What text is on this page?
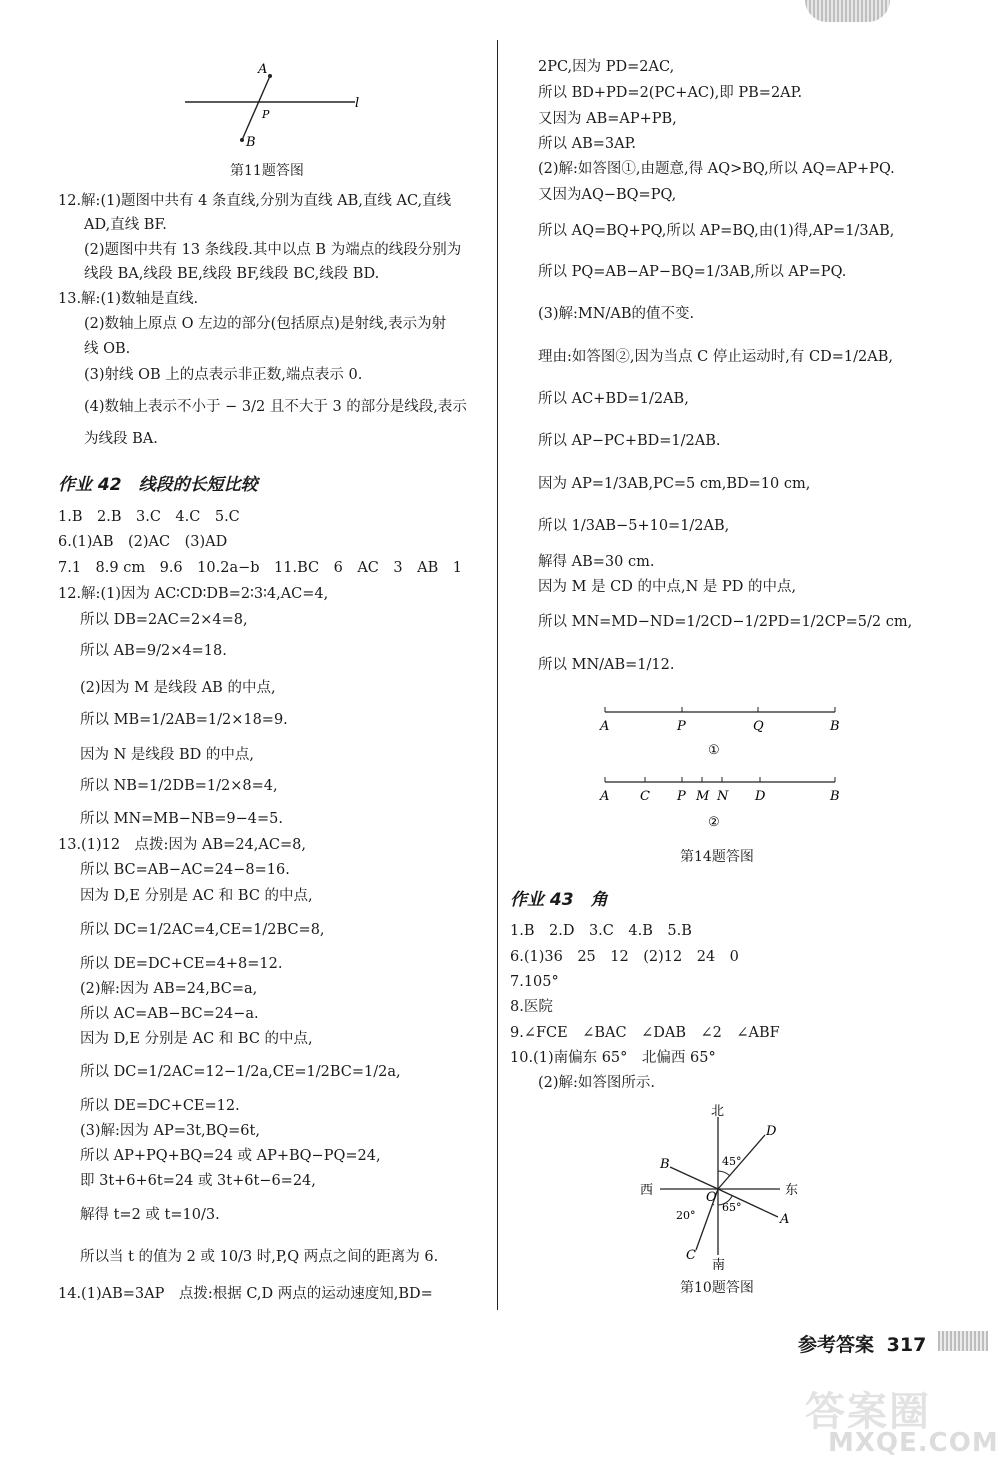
A
P
B
l
第11题答图
12.解:(1)题图中共有 4 条直线,分别为直线 AB,直线 AC,直线
AD,直线 BF.
(2)题图中共有 13 条线段.其中以点 B 为端点的线段分别为
线段 BA,线段 BE,线段 BF,线段 BC,线段 BD.
13.解:(1)数轴是直线.
(2)数轴上原点 O 左边的部分(包括原点)是射线,表示为射
线 OB.
(3)射线 OB 上的点表示非正数,端点表示 0.
(4)数轴上表示不小于 − 3/2 且不大于 3 的部分是线段,表示
为线段 BA.
作业 42　线段的长短比较
1.B　2.B　3.C　4.C　5.C
6.(1)AB　(2)AC　(3)AD
7.1　8.9 cm　9.6　10.2a−b　11.BC　6　AC　3　AB　1
12.解:(1)因为 AC∶CD∶DB=2∶3∶4,AC=4,
所以 DB=2AC=2×4=8,
所以 AB=9/2×4=18.
(2)因为 M 是线段 AB 的中点,
所以 MB=1/2AB=1/2×18=9.
因为 N 是线段 BD 的中点,
所以 NB=1/2DB=1/2×8=4,
所以 MN=MB−NB=9−4=5.
13.(1)12　点拨:因为 AB=24,AC=8,
所以 BC=AB−AC=24−8=16.
因为 D,E 分别是 AC 和 BC 的中点,
所以 DC=1/2AC=4,CE=1/2BC=8,
所以 DE=DC+CE=4+8=12.
(2)解:因为 AB=24,BC=a,
所以 AC=AB−BC=24−a.
因为 D,E 分别是 AC 和 BC 的中点,
所以 DC=1/2AC=12−1/2a,CE=1/2BC=1/2a,
所以 DE=DC+CE=12.
(3)解:因为 AP=3t,BQ=6t,
所以 AP+PQ+BQ=24 或 AP+BQ−PQ=24,
即 3t+6+6t=24 或 3t+6t−6=24,
解得 t=2 或 t=10/3.
所以当 t 的值为 2 或 10/3 时,P,Q 两点之间的距离为 6.
14.(1)AB=3AP　点拨:根据 C,D 两点的运动速度知,BD=
2PC,因为 PD=2AC,
所以 BD+PD=2(PC+AC),即 PB=2AP.
又因为 AB=AP+PB,
所以 AB=3AP.
(2)解:如答图①,由题意,得 AQ>BQ,所以 AQ=AP+PQ.
又因为AQ−BQ=PQ,
所以 AQ=BQ+PQ,所以 AP=BQ,由(1)得,AP=1/3AB,
所以 PQ=AB−AP−BQ=1/3AB,所以 AP=PQ.
(3)解:MN/AB的值不变.
理由:如答图②,因为当点 C 停止运动时,有 CD=1/2AB,
所以 AC+BD=1/2AB,
所以 AP−PC+BD=1/2AB.
因为 AP=1/3AB,PC=5 cm,BD=10 cm,
所以 1/3AB−5+10=1/2AB,
解得 AB=30 cm.
因为 M 是 CD 的中点,N 是 PD 的中点,
所以 MN=MD−ND=1/2CD−1/2PD=1/2CP=5/2 cm,
所以 MN/AB=1/12.
A	P	Q	B
①
A C P M N D	B
②
第14题答图
作业 43　角
1.B　2.D　3.C　4.B　5.B
6.(1)36　25　12　(2)12　24　0
7.105°
8.医院
9.∠FCE　∠BAC　∠DAB　∠2　∠ABF
10.(1)南偏东 65°　北偏西 65°
(2)解:如答图所示.
北
南
东
西	O
A
B
C
D
45°
65°
20°
第10题答图
参考答案 317
答案圈
MXQE.COM
